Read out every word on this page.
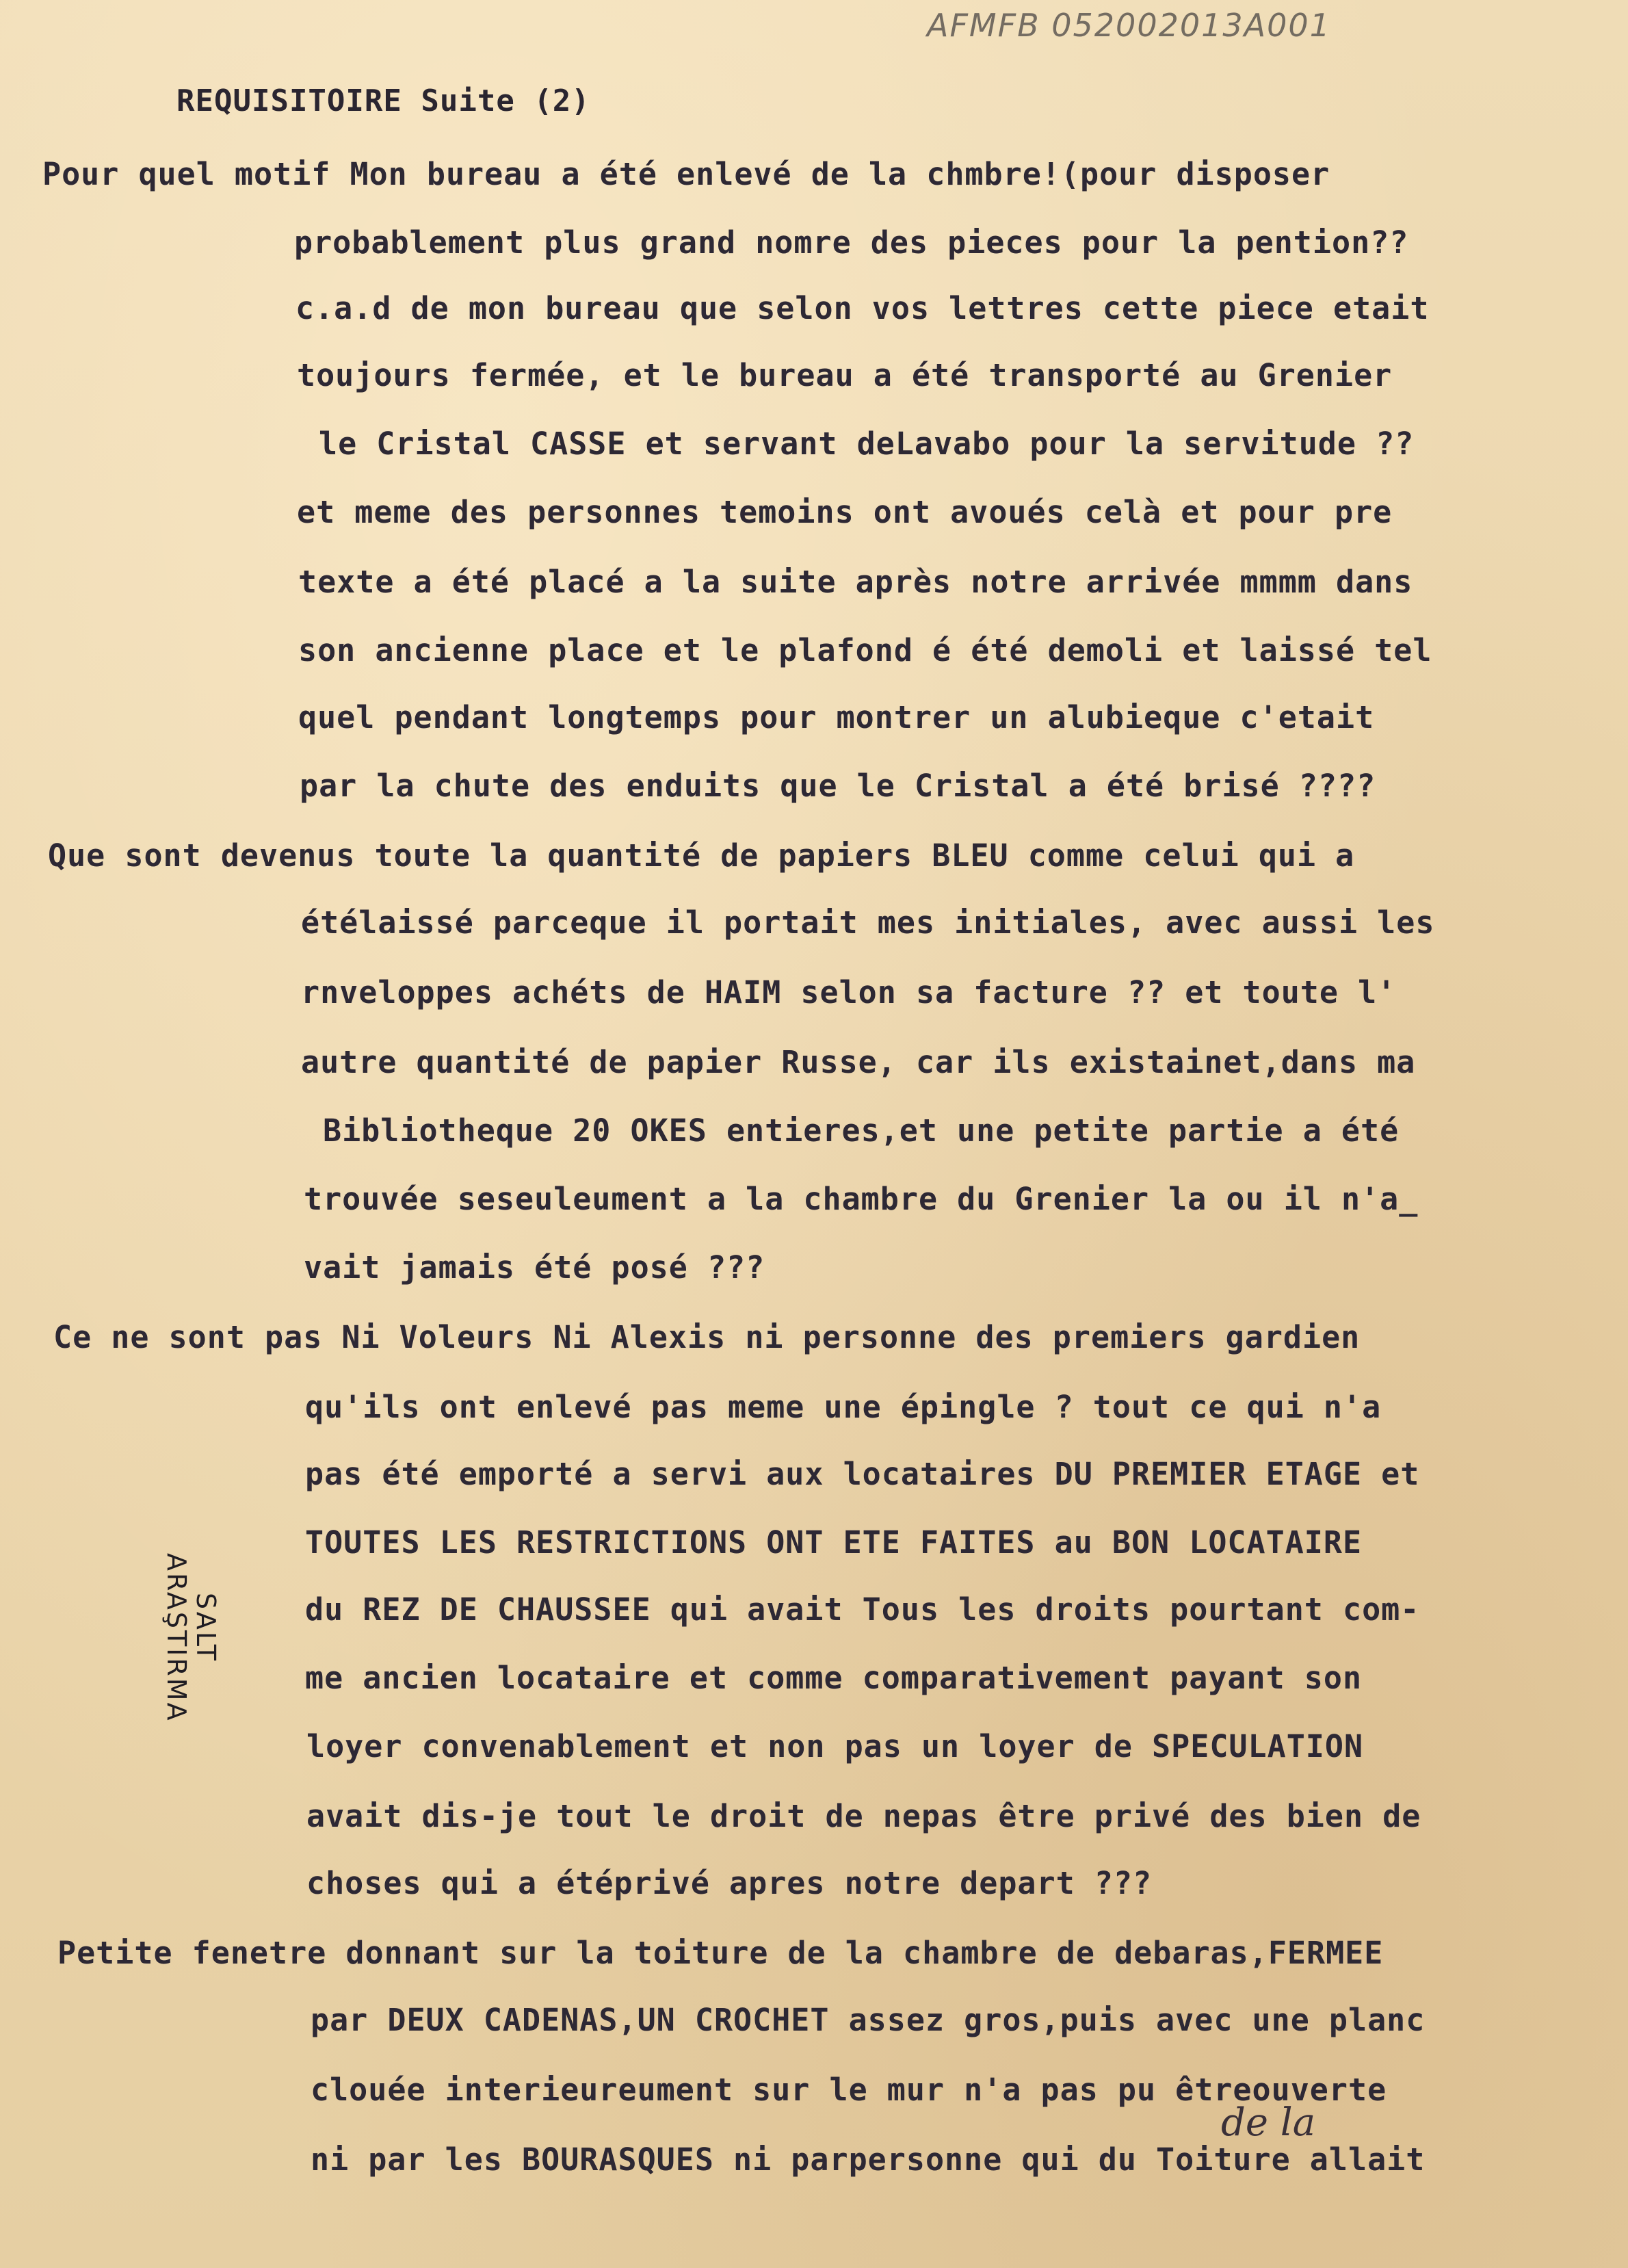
AFMFB 052002013A001
REQUISITOIRE Suite (2)
Pour quel motif Mon bureau a été enlevé de la chmbre!(pour disposer
probablement plus grand nomre des pieces pour la pention??
c.a.d de mon bureau que selon vos lettres cette piece etait
toujours fermée, et le bureau a été transporté au Grenier
le Cristal CASSE et servant deLavabo pour la servitude ??
et meme des personnes temoins ont avoués celà et pour pre
texte a été placé a la suite après notre arrivée mmmm dans
son ancienne place et le plafond é été demoli et laissé tel
quel pendant longtemps pour montrer un alubieque c'etait
par la chute des enduits que le Cristal a été brisé ????
Que sont devenus toute la quantité de papiers BLEU comme celui qui a
étélaissé parceque il portait mes initiales, avec aussi les
rnveloppes achéts de HAIM selon sa facture ?? et toute l'
autre quantité de papier Russe, car ils existainet,dans ma
Bibliotheque 20 OKES entieres,et une petite partie a été
trouvée seseuleument a la chambre du Grenier la ou il n'a_
vait jamais été posé ???
Ce ne sont pas Ni Voleurs Ni Alexis ni personne des premiers gardien
qu'ils ont enlevé pas meme une épingle ? tout ce qui n'a
pas été emporté a servi aux locataires DU PREMIER ETAGE et
TOUTES LES RESTRICTIONS ONT ETE FAITES au BON LOCATAIRE
du REZ DE CHAUSSEE qui avait Tous les droits pourtant com-
me ancien locataire et comme comparativement payant son
loyer convenablement et non pas un loyer de SPECULATION
avait dis-je tout le droit de nepas être privé des bien de
choses qui a étéprivé apres notre depart ???
Petite fenetre donnant sur la toiture de la chambre de debaras,FERMEE
par DEUX CADENAS,UN CROCHET assez gros,puis avec une planc
clouée interieureument sur le mur n'a pas pu êtreouverte
ni par les BOURASQUES ni parpersonne qui du Toiture allait
de la
SALT
ARAŞTIRMA
